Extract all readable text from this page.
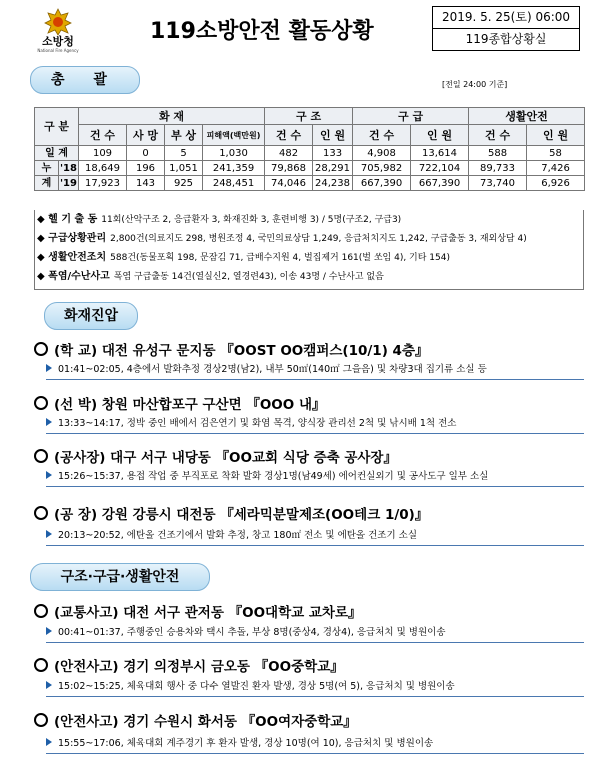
소방청
National Fire Agency
119소방안전 활동상황
2019. 5. 25(토) 06:00
119종합상황실
총 괄	[전일 24:00 기준]
구 분		화 재				구 조		구 급		생활안전	
		건 수	사 망	부 상	피해액(백만원)	건 수	인 원	건 수	인 원	건 수	인 원
일 계		109	0	5	1,030	482	133	4,908	13,614	588	58
누	'18	18,649	196	1,051	241,359	79,868	28,291	705,982	722,104	89,733	7,426
계	'19	17,923	143	925	248,451	74,046	24,238	667,390	667,390	73,740	6,926
◆ 헬 기 출 동 11회(산악구조 2, 응급환자 3, 화재진화 3, 훈련비행 3) / 5명(구조2, 구급3)
◆ 구급상황관리 2,800건(의료지도 298, 병원조정 4, 국민의료상담 1,249, 응급처치지도 1,242, 구급출동 3, 재외상담 4)
◆ 생활안전조치 588건(동물포획 198, 문잠김 71, 급배수지원 4, 벌집제거 161(벌 쏘임 4), 기타 154)
◆ 폭염/수난사고 폭염 구급출동 14건(열실신2, 열경련43), 이송 43명 / 수난사고 없음
화재진압
(학 교) 대전 유성구 문지동 『OOST OO캠퍼스(10/1) 4층』
01:41~02:05, 4층에서 발화추정 경상2명(남2), 내부 50㎡(140㎡ 그을음) 및 차량3대 집기류 소실 등
(선 박) 창원 마산합포구 구산면 『OOO 내』
13:33~14:17, 정박 중인 배에서 검은연기 및 화염 목격, 양식장 관리선 2척 및 낚시배 1척 전소
(공사장) 대구 서구 내당동 『OO교회 식당 증축 공사장』
15:26~15:37, 용접 작업 중 부직포로 착화 발화 경상1명(남49세) 에어컨실외기 및 공사도구 일부 소실
(공 장) 강원 강릉시 대전동 『세라믹분말제조(OO테크 1/0)』
20:13~20:52, 에탄올 건조기에서 발화 추정, 창고 180㎡ 전소 및 에탄올 건조기 소실
구조·구급·생활안전
(교통사고) 대전 서구 관저동 『OO대학교 교차로』
00:41~01:37, 주행중인 승용차와 택시 추돌, 부상 8명(중상4, 경상4), 응급처치 및 병원이송
(안전사고) 경기 의정부시 금오동 『OO중학교』
15:02~15:25, 체육대회 행사 중 다수 열발진 환자 발생, 경상 5명(여 5), 응급처치 및 병원이송
(안전사고) 경기 수원시 화서동 『OO여자중학교』
15:55~17:06, 체육대회 계주경기 후 환자 발생, 경상 10명(여 10), 응급처치 및 병원이송
